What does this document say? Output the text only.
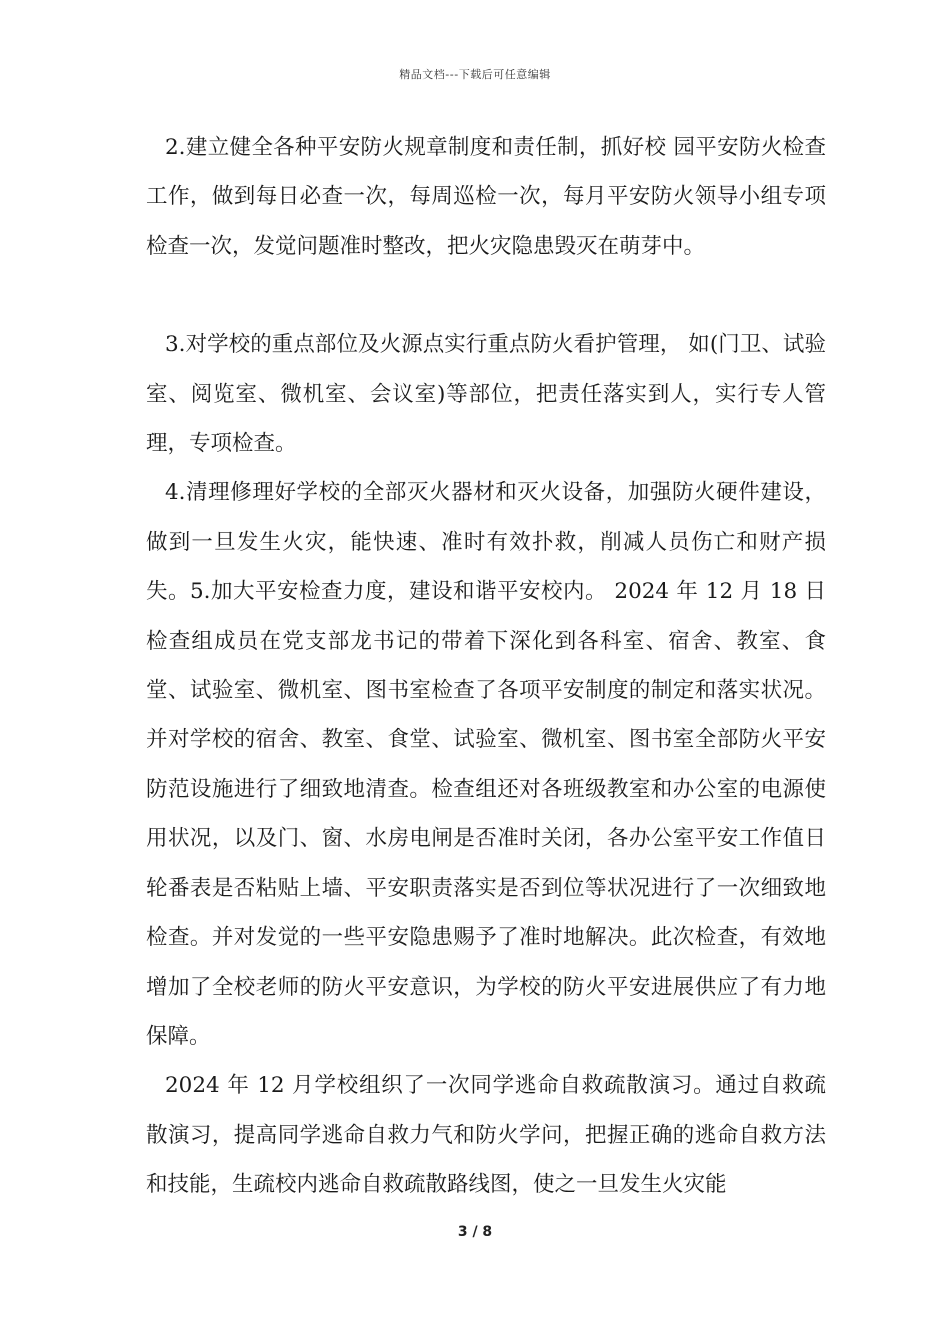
精品文档---下载后可任意编辑

2.建立健全各种平安防火规章制度和责任制，抓好校 园平安防火检查工作，做到每日必查一次，每周巡检一次，每月平安防火领导小组专项检查一次，发觉问题准时整改，把火灾隐患毁灭在萌芽中。

3.对学校的重点部位及火源点实行重点防火看护管理， 如(门卫、试验室、阅览室、微机室、会议室)等部位，把责任落实到人，实行专人管理，专项检查。

4.清理修理好学校的全部灭火器材和灭火设备，加强防火硬件建设，做到一旦发生火灾，能快速、准时有效扑救，削减人员伤亡和财产损失。5.加大平安检查力度，建设和谐平安校内。 2024 年 12 月 18 日检查组成员在党支部龙书记的带着下深化到各科室、宿舍、教室、食堂、试验室、微机室、图书室检查了各项平安制度的制定和落实状况。并对学校的宿舍、教室、食堂、试验室、微机室、图书室全部防火平安防范设施进行了细致地清查。检查组还对各班级教室和办公室的电源使用状况，以及门、窗、水房电闸是否准时关闭，各办公室平安工作值日轮番表是否粘贴上墙、平安职责落实是否到位等状况进行了一次细致地检查。并对发觉的一些平安隐患赐予了准时地解决。此次检查，有效地增加了全校老师的防火平安意识，为学校的防火平安进展供应了有力地保障。

2024 年 12 月学校组织了一次同学逃命自救疏散演习。通过自救疏散演习，提高同学逃命自救力气和防火学问，把握正确的逃命自救方法和技能，生疏校内逃命自救疏散路线图，使之一旦发生火灾能

3 / 8
